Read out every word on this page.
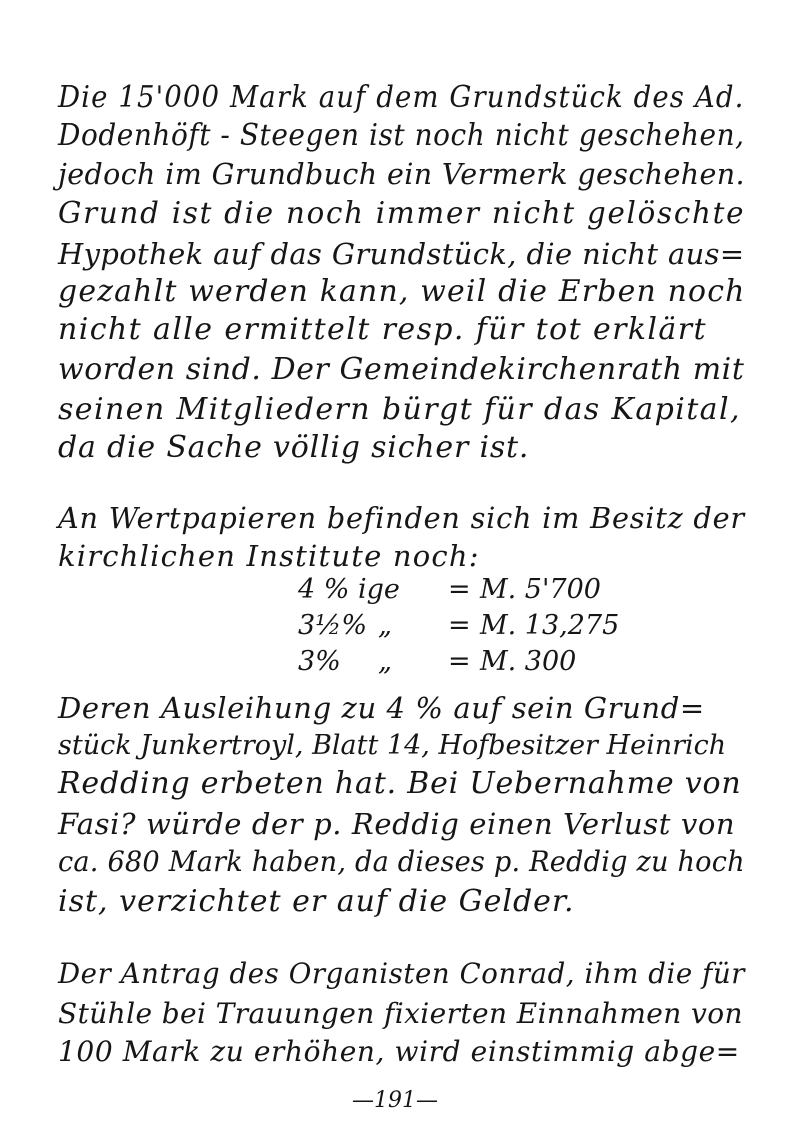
Die 15'000 Mark auf dem Grundstück des Ad.
Dodenhöft - Steegen ist noch nicht geschehen,
jedoch im Grundbuch ein Vermerk geschehen.
Grund ist die noch immer nicht gelöschte
Hypothek auf das Grundstück, die nicht aus=
gezahlt werden kann, weil die Erben noch
nicht alle ermittelt resp. für tot erklärt
worden sind. Der Gemeindekirchenrath mit
seinen Mitgliedern bürgt für das Kapital,
da die Sache völlig sicher ist.
An Wertpapieren befinden sich im Besitz der
kirchlichen Institute noch:
4 % ige = M. 5'700
3½% „ = M. 13,275
3% „ = M. 300
Deren Ausleihung zu 4 % auf sein Grund=
stück Junkertroyl, Blatt 14, Hofbesitzer Heinrich
Redding erbeten hat. Bei Uebernahme von
Fasi? würde der p. Reddig einen Verlust von
ca. 680 Mark haben, da dieses p. Reddig zu hoch
ist, verzichtet er auf die Gelder.
Der Antrag des Organisten Conrad, ihm die für
Stühle bei Trauungen fixierten Einnahmen von
100 Mark zu erhöhen, wird einstimmig abge=
—191—
